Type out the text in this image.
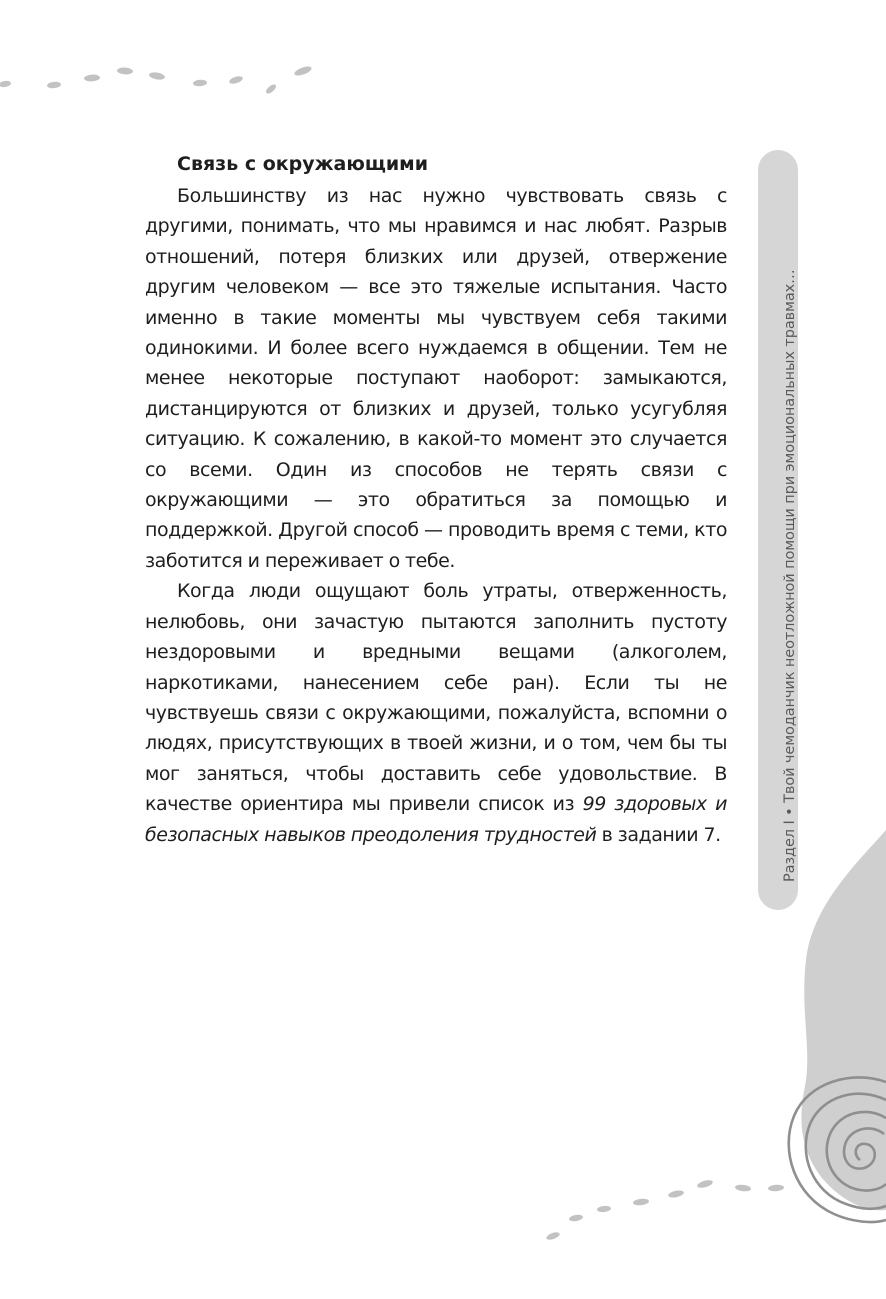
Раздел I • Твой чемоданчик неотложной помощи при эмоциональных травмах…
Связь с окружающими

Большинству из нас нужно чувствовать связь с другими, понимать, что мы нравимся и нас любят. Разрыв отношений, потеря близких или друзей, отвержение другим человеком — все это тяжелые испытания. Часто именно в такие моменты мы чувствуем себя такими одинокими. И более всего нуждаемся в общении. Тем не менее некоторые поступают наоборот: замыкаются, дистанцируются от близких и друзей, только усугубляя ситуацию. К сожалению, в какой-то момент это случается со всеми. Один из способов не терять связи с окружающими — это обратиться за помощью и поддержкой. Другой способ — проводить время с теми, кто заботится и переживает о тебе.

Когда люди ощущают боль утраты, отверженность, нелюбовь, они зачастую пытаются заполнить пустоту нездоровыми и вредными вещами (алкоголем, наркотиками, нанесением себе ран). Если ты не чувствуешь связи с окружающими, пожалуйста, вспомни о людях, присутствующих в твоей жизни, и о том, чем бы ты мог заняться, чтобы доставить себе удовольствие. В качестве ориентира мы привели список из 99 здоровых и безопасных навыков преодоления трудностей в задании 7.
